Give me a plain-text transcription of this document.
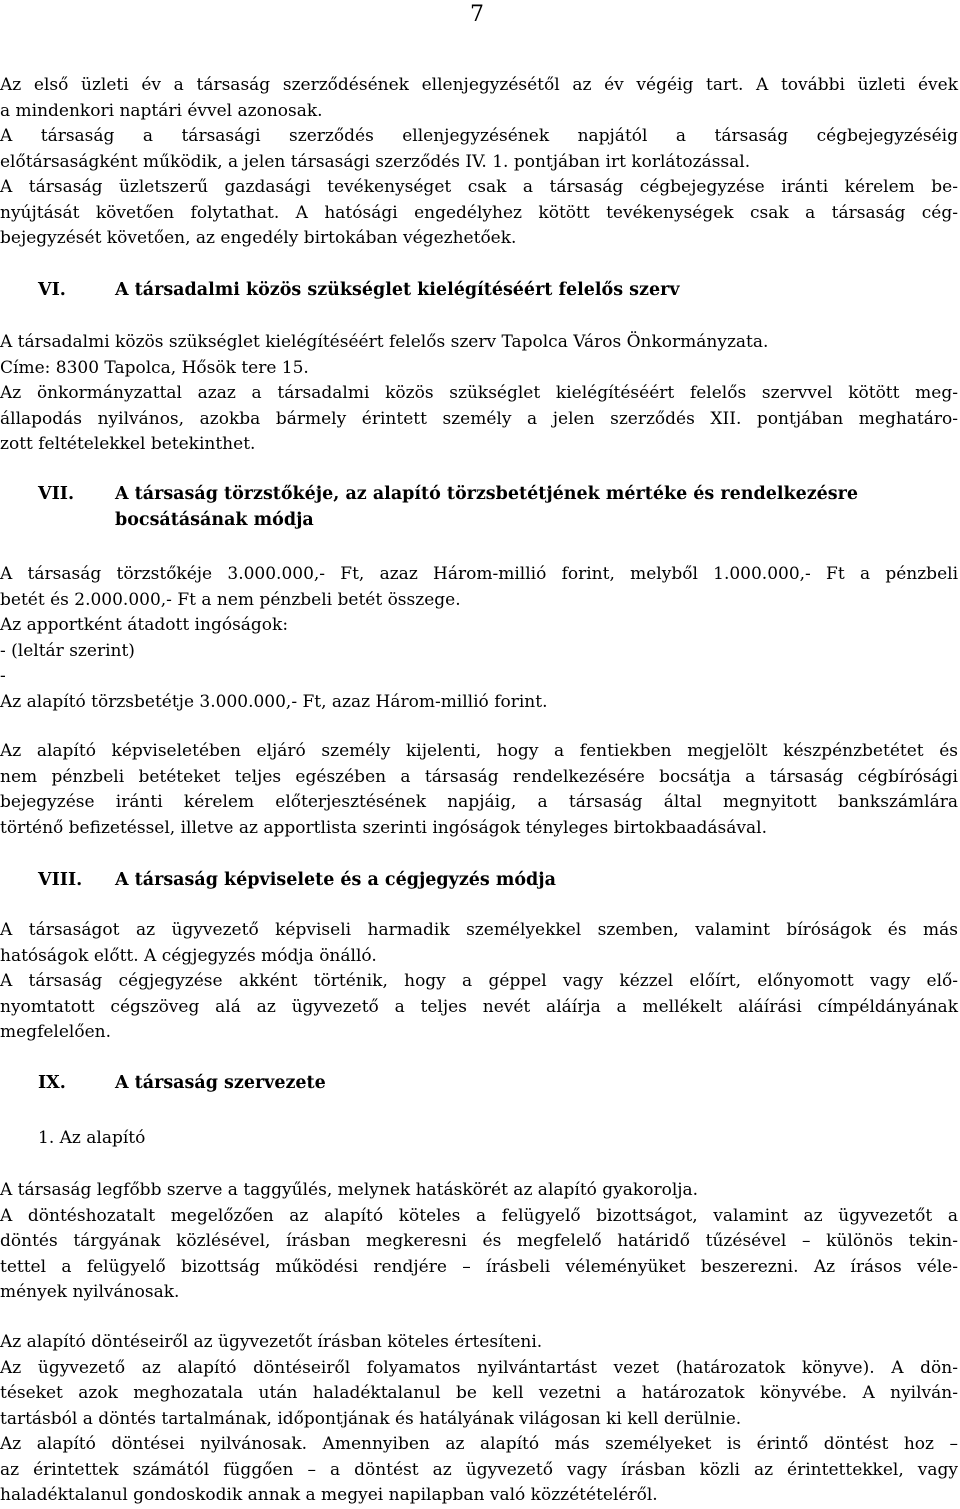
7
Az első üzleti év a társaság szerződésének ellenjegyzésétől az év végéig tart. A további üzleti évek
a mindenkori naptári évvel azonosak.
A társaság a társasági szerződés ellenjegyzésének napjától a társaság cégbejegyzéséig
előtársaságként működik, a jelen társasági szerződés IV. 1. pontjában irt korlátozással.
A társaság üzletszerű gazdasági tevékenységet csak a társaság cégbejegyzése iránti kérelem be-
nyújtását követően folytathat. A hatósági engedélyhez kötött tevékenységek csak a társaság cég-
bejegyzését követően, az engedély birtokában végezhetőek.
VI.	A társadalmi közös szükséglet kielégítéséért felelős szerv
A társadalmi közös szükséglet kielégítéséért felelős szerv Tapolca Város Önkormányzata.
Címe: 8300 Tapolca, Hősök tere 15.
Az önkormányzattal azaz a társadalmi közös szükséglet kielégítéséért felelős szervvel kötött meg-
állapodás nyilvános, azokba bármely érintett személy a jelen szerződés XII. pontjában meghatáro-
zott feltételekkel betekinthet.
VII. A társaság törzstőkéje, az alapító törzsbetétjének mértéke és rendelkezésre
bocsátásának módja
A társaság törzstőkéje 3.000.000,- Ft, azaz Három-millió forint, melyből 1.000.000,- Ft a pénzbeli
betét és 2.000.000,- Ft a nem pénzbeli betét összege.
Az apportként átadott ingóságok:
- (leltár szerint)
-
Az alapító törzsbetétje 3.000.000,- Ft, azaz Három-millió forint.
Az alapító képviseletében eljáró személy kijelenti, hogy a fentiekben megjelölt készpénzbetétet és
nem pénzbeli betéteket teljes egészében a társaság rendelkezésére bocsátja a társaság cégbírósági
bejegyzése iránti kérelem előterjesztésének napjáig, a társaság által megnyitott bankszámlára
történő befizetéssel, illetve az apportlista szerinti ingóságok tényleges birtokbaadásával.
VIII. A társaság képviselete és a cégjegyzés módja
A társaságot az ügyvezető képviseli harmadik személyekkel szemben, valamint bíróságok és más
hatóságok előtt. A cégjegyzés módja önálló.
A társaság cégjegyzése akként történik, hogy a géppel vagy kézzel előírt, előnyomott vagy elő-
nyomtatott cégszöveg alá az ügyvezető a teljes nevét aláírja a mellékelt aláírási címpéldányának
megfelelően.
IX.	A társaság szervezete
1. Az alapító
A társaság legfőbb szerve a taggyűlés, melynek hatáskörét az alapító gyakorolja.
A döntéshozatalt megelőzően az alapító köteles a felügyelő bizottságot, valamint az ügyvezetőt a
döntés tárgyának közlésével, írásban megkeresni és megfelelő határidő tűzésével – különös tekin-
tettel a felügyelő bizottság működési rendjére – írásbeli véleményüket beszerezni. Az írásos véle-
mények nyilvánosak.
Az alapító döntéseiről az ügyvezetőt írásban köteles értesíteni.
Az ügyvezető az alapító döntéseiről folyamatos nyilvántartást vezet (határozatok könyve). A dön-
téseket azok meghozatala után haladéktalanul be kell vezetni a határozatok könyvébe. A nyilván-
tartásból a döntés tartalmának, időpontjának és hatályának világosan ki kell derülnie.
Az alapító döntései nyilvánosak. Amennyiben az alapító más személyeket is érintő döntést hoz –
az érintettek számától függően – a döntést az ügyvezető vagy írásban közli az érintettekkel, vagy
haladéktalanul gondoskodik annak a megyei napilapban való közzétételéről.
